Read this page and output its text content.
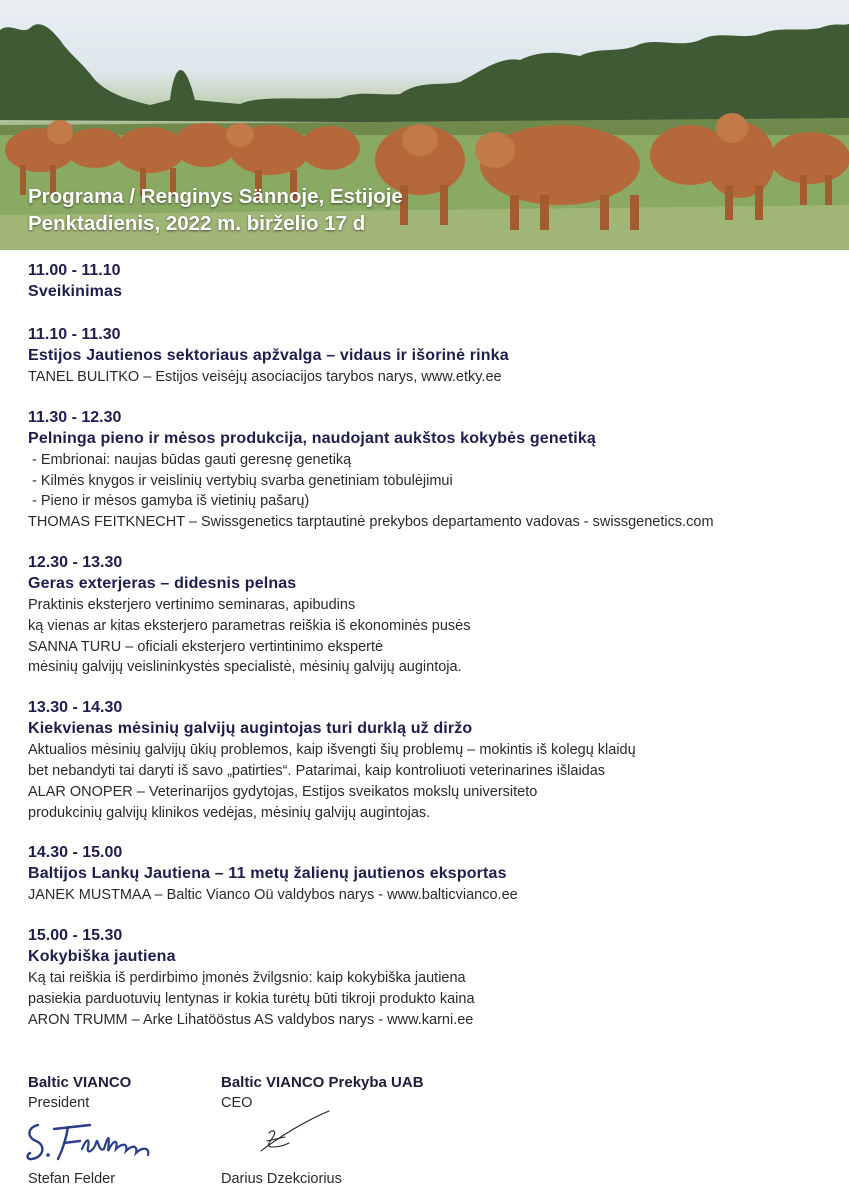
Programa / Renginys Sännoje, Estijoje
Penktadienis, 2022 m. birželio 17 d
11.00 - 11.10
Sveikinimas
11.10 - 11.30
Estijos Jautienos sektoriaus apžvalga – vidaus ir išorinė rinka
TANEL BULITKO – Estijos veisėjų asociacijos tarybos narys, www.etky.ee
11.30 - 12.30
Pelninga pieno ir mėsos produkcija, naudojant aukštos kokybės genetiką
- Embrionai: naujas būdas gauti geresnę genetiką
- Kilmės knygos ir veislinių vertybių svarba genetiniam tobulėjimui
- Pieno ir mėsos gamyba iš vietinių pašarų)
THOMAS FEITKNECHT – Swissgenetics tarptautinė prekybos departamento vadovas - swissgenetics.com
12.30 - 13.30
Geras exterjeras – didesnis pelnas
Praktinis eksterjero vertinimo seminaras, apibudins
ką vienas ar kitas eksterjero parametras reiškia iš ekonominės pusės
SANNA TURU – oficiali eksterjero vertintinimo ekspertė
mėsinių galvijų veislininkystės specialistė, mėsinių galvijų augintoja.
13.30 - 14.30
Kiekvienas mėsinių galvijų augintojas turi durklą už diržo
Aktualios mėsinių galvijų ūkių problemos, kaip išvengti šių problemų – mokintis iš kolegų klaidų
bet nebandyti tai daryti iš savo „patirties“. Patarimai, kaip kontroliuoti veterinarines išlaidas
ALAR ONOPER – Veterinarijos gydytojas, Estijos sveikatos mokslų universiteto
produkcinių galvijų klinikos vedėjas, mėsinių galvijų augintojas.
14.30 - 15.00
Baltijos Lankų Jautiena – 11 metų žalienų jautienos eksportas
JANEK MUSTMAA – Baltic Vianco Oü valdybos narys - www.balticvianco.ee
15.00 - 15.30
Kokybiška jautiena
Ką tai reiškia iš perdirbimo įmonės žvilgsnio: kaip kokybiška jautiena
pasiekia parduotuvių lentynas ir kokia turėtų būti tikroji produkto kaina
ARON TRUMM – Arke Lihatööstus AS valdybos narys - www.karni.ee
Baltic VIANCO
President
Stefan Felder
Baltic VIANCO Prekyba UAB
CEO
Darius Dzekciorius
